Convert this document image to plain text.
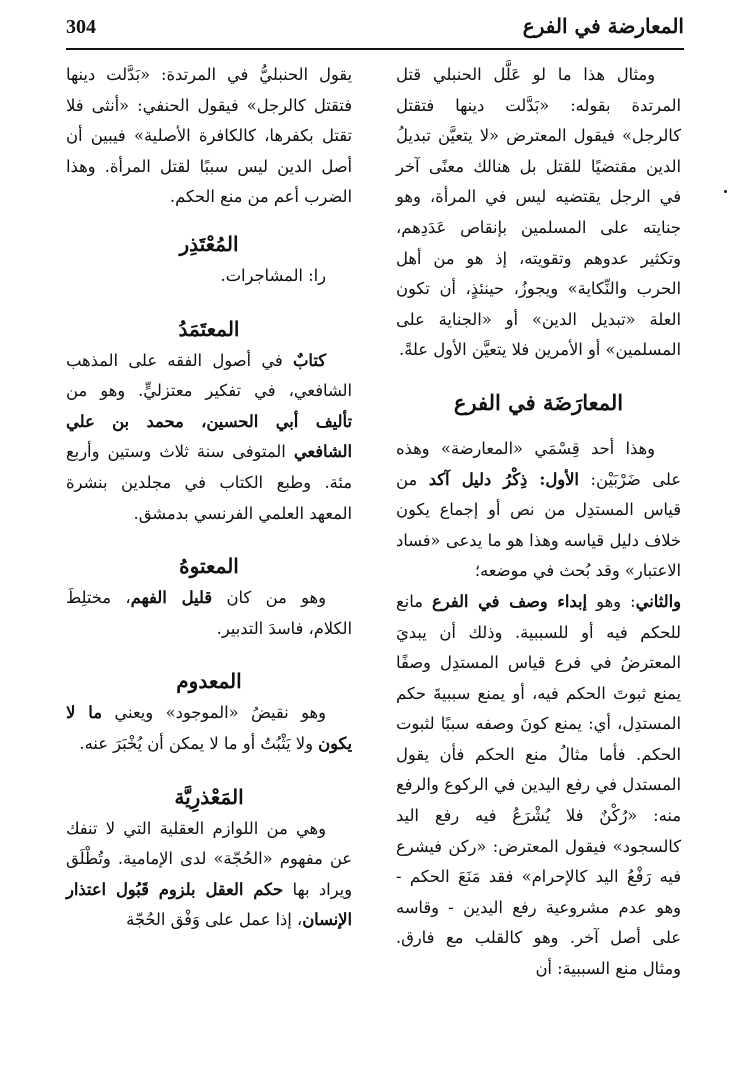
304	المعارضة في الفرع

ومثال هذا ما لو عَلَّل الحنبلي قتل المرتدة بقوله: «بَدَّلت دينها فتقتل كالرجل» فيقول المعترض «لا يتعيَّن تبديلُ الدين مقتضيًا للقتل بل هنالك معنًى آخر في الرجل يقتضيه ليس في المرأة، وهو جنايته على المسلمين بإنقاص عَدَدِهم، وتكثير عدوهم وتقويته، إذ هو من أهل الحرب والنِّكاية» ويجوزُ، حينئذٍ، أن تكون العلة «تبديل الدين» أو «الجناية على المسلمين» أو الأمرين فلا يتعيَّن الأول علةً.

المعارَضَة في الفرع

وهذا أحد قِسْمَي «المعارضة» وهذه على ضَرْبَيْن: الأول: ذِكْرُ دليل آكد من قياس المستدِل من نص أو إجماع يكون خلاف دليل قياسه وهذا هو ما يدعى «فساد الاعتبار» وقد بُحث في موضعه؛

والثاني: وهو إبداء وصف في الفرع مانع للحكم فيه أو للسببية. وذلك أن يبديَ المعترضُ في فرع قياس المستدِل وصفًا يمنع ثبوتَ الحكم فيه، أو يمنع سببيةَ حكم المستدِل، أي: يمنع كونَ وصفه سببًا لثبوت الحكم. فأما مثالُ منع الحكم فأن يقول المستدل في رفع اليدين في الركوع والرفع منه: «رُكْنٌ فلا يُشْرَعُ فيه رفع اليد كالسجود» فيقول المعترض: «ركن فيشرع فيه رَفْعُ اليد كالإحرام» فقد مَنَعَ الحكم - وهو عدم مشروعية رفع اليدين - وقاسه على أصل آخر. وهو كالقلب مع فارق. ومثال منع السببية: أن

يقول الحنبليُّ في المرتدة: «بَدَّلت دينها فتقتل كالرجل» فيقول الحنفي: «أنثى فلا تقتل بكفرها، كالكافرة الأصلية» فيبين أن أصل الدين ليس سببًا لقتل المرأة. وهذا الضرب أعم من منع الحكم.

المُعْتَذِر

را: المشاجرات.

المعتَمَدُ

كتابٌ في أصول الفقه على المذهب الشافعي، في تفكير معتزليٍّ. وهو من تأليف أبي الحسين، محمد بن علي الشافعي المتوفى سنة ثلاث وستين وأربع مئة. وطبع الكتاب في مجلدين بنشرة المعهد العلمي الفرنسي بدمشق.

المعتوهُ

وهو من كان قليل الفهم، مختلِطَ الكلام، فاسدَ التدبير.

المعدوم

وهو نقيضُ «الموجود» ويعني ما لا يكون ولا يَثْبُتُ أو ما لا يمكن أن يُخْبَرَ عنه.

المَعْذرِيَّة

وهي من اللوازم العقلية التي لا تنفك عن مفهوم «الحُجّة» لدى الإمامية. وتُطْلَق ويراد بها حكم العقل بلزوم قَبُول اعتذار الإنسان، إذا عمل على وَفْق الحُجّة
